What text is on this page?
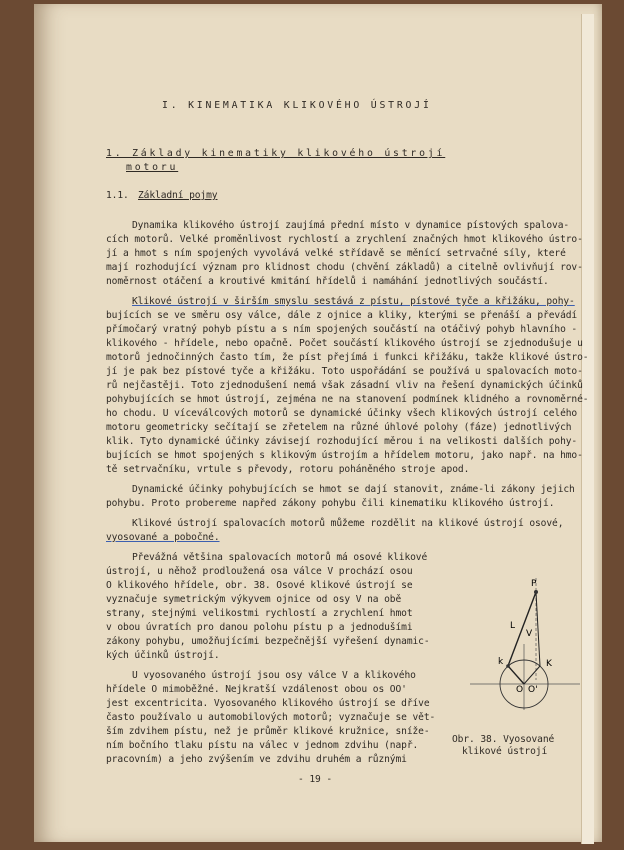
I. KINEMATIKA KLIKOVÉHO ÚSTROJÍ
1. Základy kinematiky klikového ústrojí
motoru
1.1. Základní pojmy
Dynamika klikového ústrojí zaujímá přední místo v dynamice pístových spalova-
cích motorů. Velké proměnlivost rychlostí a zrychlení značných hmot klikového ústro-
jí a hmot s ním spojených vyvolává velké střídavě se měnící setrvačné síly, které
mají rozhodující význam pro klidnost chodu (chvění základů) a citelně ovlivňují rov-
noměrnost otáčení a kroutivé kmitání hřídelů i namáhání jednotlivých součástí.
Klikové ústrojí v širším smyslu sestává z pístu, pístové tyče a křižáku, pohy-
bujících se ve směru osy válce, dále z ojnice a kliky, kterými se přenáší a převádí
přímočarý vratný pohyb pístu a s ním spojených součástí na otáčivý pohyb hlavního -
klikového - hřídele, nebo opačně. Počet součástí klikového ústrojí se zjednodušuje u
motorů jednočinných často tím, že píst přejímá i funkci křižáku, takže klikové ústro-
jí je pak bez pístové tyče a křižáku. Toto uspořádání se používá u spalovacích moto-
rů nejčastěji. Toto zjednodušení nemá však zásadní vliv na řešení dynamických účinků
pohybujících se hmot ústrojí, zejména ne na stanovení podmínek klidného a rovnoměrné-
ho chodu. U víceválcových motorů se dynamické účinky všech klikových ústrojí celého
motoru geometricky sečítají se zřetelem na různé úhlové polohy (fáze) jednotlivých
klik. Tyto dynamické účinky závisejí rozhodující měrou i na velikosti dalších pohy-
bujících se hmot spojených s klikovým ústrojím a hřídelem motoru, jako např. na hmo-
tě setrvačníku, vrtule s převody, rotoru poháněného stroje apod.
Dynamické účinky pohybujících se hmot se dají stanovit, známe-li zákony jejich
pohybu. Proto probereme napřed zákony pohybu čili kinematiku klikového ústrojí.
Klikové ústrojí spalovacích motorů můžeme rozdělit na klikové ústrojí osové,
vyosované a pobočné.
Převážná většina spalovacích motorů má osové klikové
ústrojí, u něhož prodloužená osa válce V prochází osou
O klikového hřídele, obr. 38. Osové klikové ústrojí se
vyznačuje symetrickým výkyvem ojnice od osy V na obě
strany, stejnými velikostmi rychlostí a zrychlení hmot
v obou úvratích pro danou polohu pístu p a jednodušími
zákony pohybu, umožňujícími bezpečnější vyřešení dynamic-
kých účinků ústrojí.
U vyosovaného ústrojí jsou osy válce V a klikového
hřídele O mimoběžné. Nejkratší vzdálenost obou os OO'
jest excentricita. Vyosovaného klikového ústrojí se dříve
často používalo u automobilových motorů; vyznačuje se vět-
ším zdvihem pístu, než je průměr klikové kružnice, sníže-
ním bočního tlaku pístu na válec v jednom zdvihu (např.
pracovním) a jeho zvýšením ve zdvihu druhém a různými
P
L
V
k	K
O O'
Obr. 38. Vyosované
klikové ústrojí
- 19 -
